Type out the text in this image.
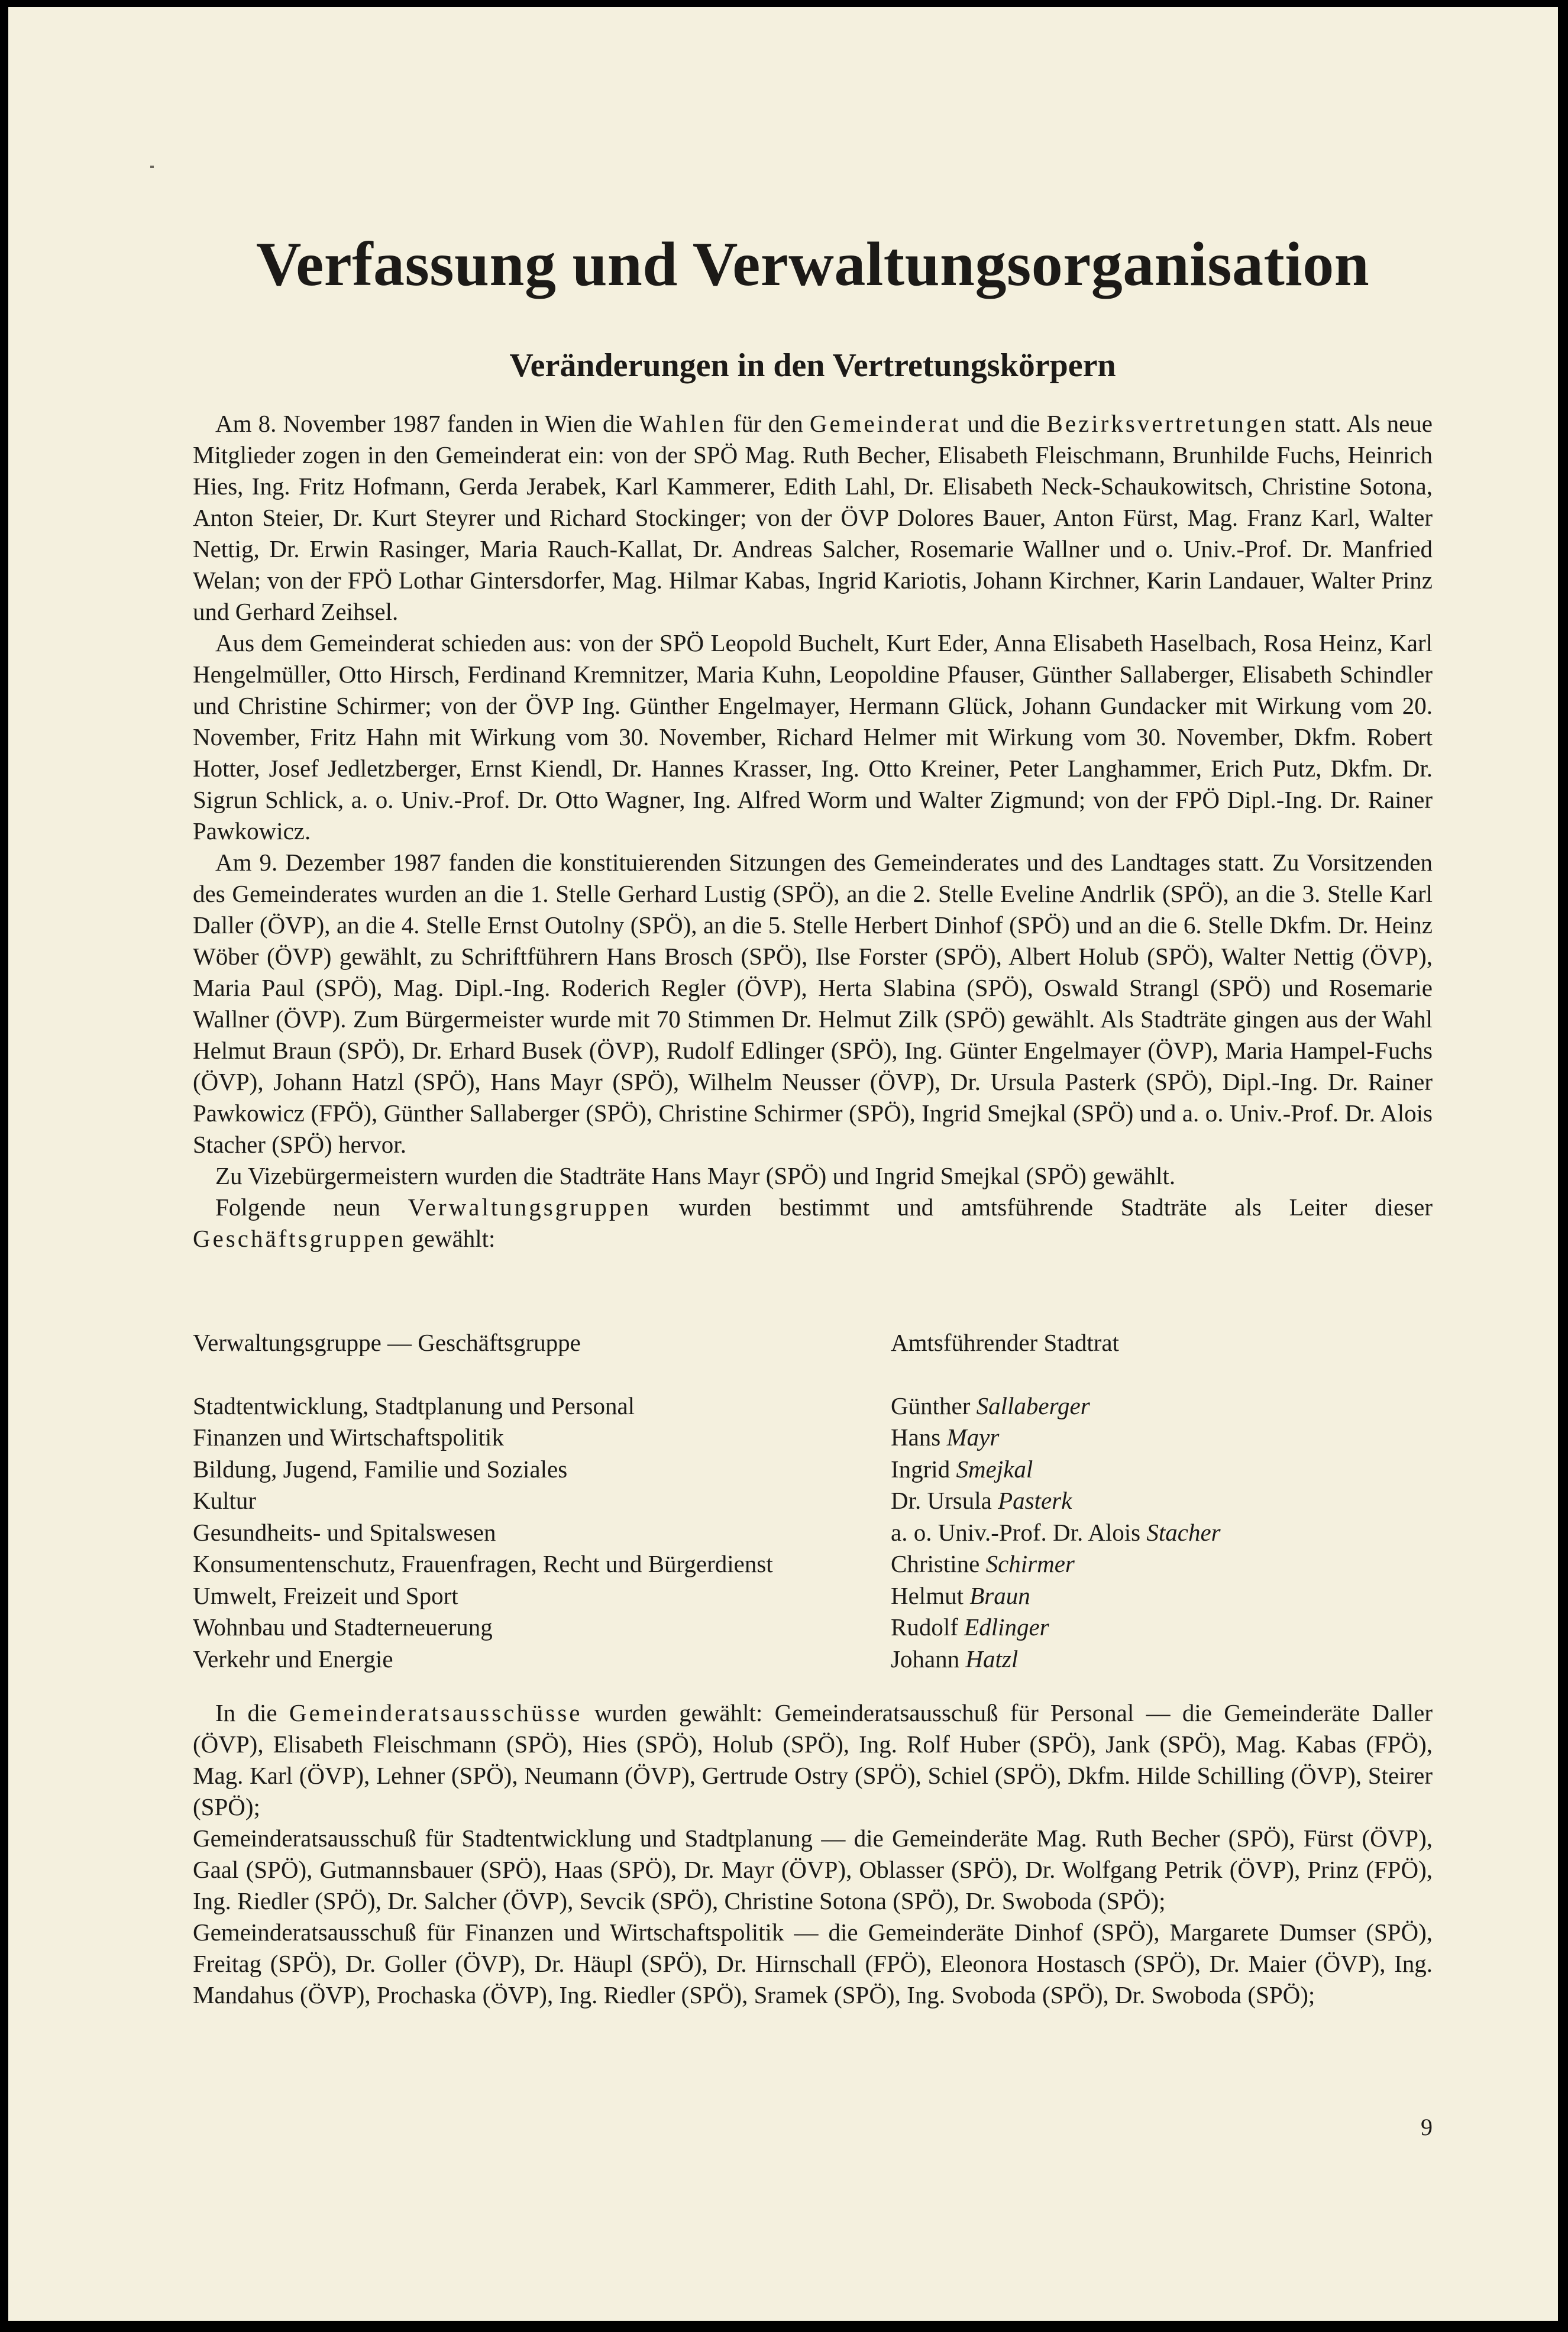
Verfassung und Verwaltungsorganisation
Veränderungen in den Vertretungskörpern

Am 8. November 1987 fanden in Wien die Wahlen für den Gemeinderat und die Bezirksvertretungen statt. Als neue Mitglieder zogen in den Gemeinderat ein: von der SPÖ Mag. Ruth Becher, Elisabeth Fleischmann, Brunhilde Fuchs, Heinrich Hies, Ing. Fritz Hofmann, Gerda Jerabek, Karl Kammerer, Edith Lahl, Dr. Elisabeth Neck-Schaukowitsch, Christine Sotona, Anton Steier, Dr. Kurt Steyrer und Richard Stockinger; von der ÖVP Dolores Bauer, Anton Fürst, Mag. Franz Karl, Walter Nettig, Dr. Erwin Rasinger, Maria Rauch-Kallat, Dr. Andreas Salcher, Rosemarie Wallner und o. Univ.-Prof. Dr. Manfried Welan; von der FPÖ Lothar Gintersdorfer, Mag. Hilmar Kabas, Ingrid Kariotis, Johann Kirchner, Karin Landauer, Walter Prinz und Gerhard Zeihsel.

Aus dem Gemeinderat schieden aus: von der SPÖ Leopold Buchelt, Kurt Eder, Anna Elisabeth Haselbach, Rosa Heinz, Karl Hengelmüller, Otto Hirsch, Ferdinand Kremnitzer, Maria Kuhn, Leopoldine Pfauser, Günther Sallaberger, Elisabeth Schindler und Christine Schirmer; von der ÖVP Ing. Günther Engelmayer, Hermann Glück, Johann Gundacker mit Wirkung vom 20. November, Fritz Hahn mit Wirkung vom 30. November, Richard Helmer mit Wirkung vom 30. November, Dkfm. Robert Hotter, Josef Jedletzberger, Ernst Kiendl, Dr. Hannes Krasser, Ing. Otto Kreiner, Peter Langhammer, Erich Putz, Dkfm. Dr. Sigrun Schlick, a. o. Univ.-Prof. Dr. Otto Wagner, Ing. Alfred Worm und Walter Zigmund; von der FPÖ Dipl.-Ing. Dr. Rainer Pawkowicz.

Am 9. Dezember 1987 fanden die konstituierenden Sitzungen des Gemeinderates und des Landtages statt. Zu Vorsitzenden des Gemeinderates wurden an die 1. Stelle Gerhard Lustig (SPÖ), an die 2. Stelle Eveline Andrlik (SPÖ), an die 3. Stelle Karl Daller (ÖVP), an die 4. Stelle Ernst Outolny (SPÖ), an die 5. Stelle Herbert Dinhof (SPÖ) und an die 6. Stelle Dkfm. Dr. Heinz Wöber (ÖVP) gewählt, zu Schriftführern Hans Brosch (SPÖ), Ilse Forster (SPÖ), Albert Holub (SPÖ), Walter Nettig (ÖVP), Maria Paul (SPÖ), Mag. Dipl.-Ing. Roderich Regler (ÖVP), Herta Slabina (SPÖ), Oswald Strangl (SPÖ) und Rosemarie Wallner (ÖVP). Zum Bürgermeister wurde mit 70 Stimmen Dr. Helmut Zilk (SPÖ) gewählt. Als Stadträte gingen aus der Wahl Helmut Braun (SPÖ), Dr. Erhard Busek (ÖVP), Rudolf Edlinger (SPÖ), Ing. Günter Engelmayer (ÖVP), Maria Hampel-Fuchs (ÖVP), Johann Hatzl (SPÖ), Hans Mayr (SPÖ), Wilhelm Neusser (ÖVP), Dr. Ursula Pasterk (SPÖ), Dipl.-Ing. Dr. Rainer Pawkowicz (FPÖ), Günther Sallaberger (SPÖ), Christine Schirmer (SPÖ), Ingrid Smejkal (SPÖ) und a. o. Univ.-Prof. Dr. Alois Stacher (SPÖ) hervor.

Zu Vizebürgermeistern wurden die Stadträte Hans Mayr (SPÖ) und Ingrid Smejkal (SPÖ) gewählt.

Folgende neun Verwaltungsgruppen wurden bestimmt und amtsführende Stadträte als Leiter dieser Geschäftsgruppen gewählt:

Verwaltungsgruppe — Geschäftsgruppe	Amtsführender Stadtrat
Stadtentwicklung, Stadtplanung und Personal	Günther Sallaberger
Finanzen und Wirtschaftspolitik	Hans Mayr
Bildung, Jugend, Familie und Soziales	Ingrid Smejkal
Kultur	Dr. Ursula Pasterk
Gesundheits- und Spitalswesen	a. o. Univ.-Prof. Dr. Alois Stacher
Konsumentenschutz, Frauenfragen, Recht und Bürgerdienst	Christine Schirmer
Umwelt, Freizeit und Sport	Helmut Braun
Wohnbau und Stadterneuerung	Rudolf Edlinger
Verkehr und Energie	Johann Hatzl

In die Gemeinderatsausschüsse wurden gewählt: Gemeinderatsausschuß für Personal — die Gemeinderäte Daller (ÖVP), Elisabeth Fleischmann (SPÖ), Hies (SPÖ), Holub (SPÖ), Ing. Rolf Huber (SPÖ), Jank (SPÖ), Mag. Kabas (FPÖ), Mag. Karl (ÖVP), Lehner (SPÖ), Neumann (ÖVP), Gertrude Ostry (SPÖ), Schiel (SPÖ), Dkfm. Hilde Schilling (ÖVP), Steirer (SPÖ);

Gemeinderatsausschuß für Stadtentwicklung und Stadtplanung — die Gemeinderäte Mag. Ruth Becher (SPÖ), Fürst (ÖVP), Gaal (SPÖ), Gutmannsbauer (SPÖ), Haas (SPÖ), Dr. Mayr (ÖVP), Oblasser (SPÖ), Dr. Wolfgang Petrik (ÖVP), Prinz (FPÖ), Ing. Riedler (SPÖ), Dr. Salcher (ÖVP), Sevcik (SPÖ), Christine Sotona (SPÖ), Dr. Swoboda (SPÖ);

Gemeinderatsausschuß für Finanzen und Wirtschaftspolitik — die Gemeinderäte Dinhof (SPÖ), Margarete Dumser (SPÖ), Freitag (SPÖ), Dr. Goller (ÖVP), Dr. Häupl (SPÖ), Dr. Hirnschall (FPÖ), Eleonora Hostasch (SPÖ), Dr. Maier (ÖVP), Ing. Mandahus (ÖVP), Prochaska (ÖVP), Ing. Riedler (SPÖ), Sramek (SPÖ), Ing. Svoboda (SPÖ), Dr. Swoboda (SPÖ);

9
